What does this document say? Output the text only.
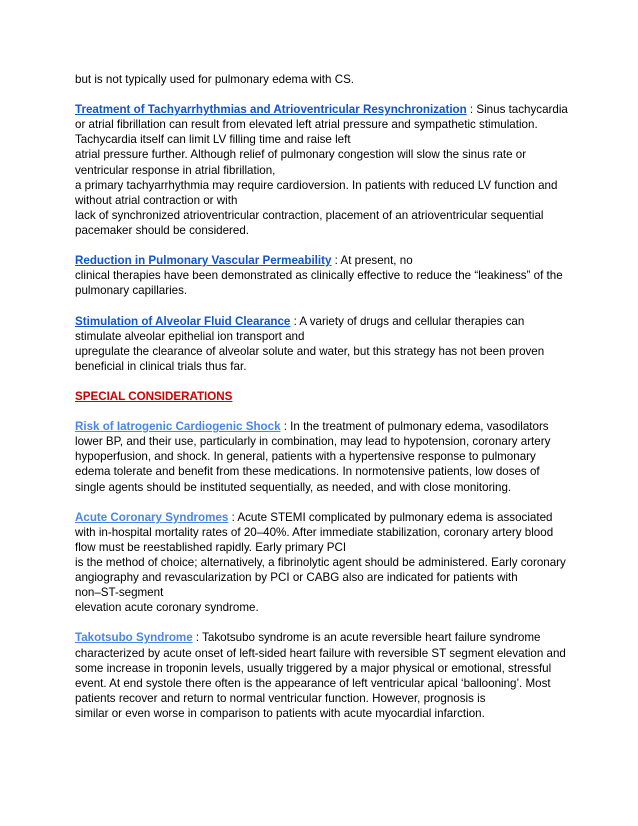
but is not typically used for pulmonary edema with CS.
Treatment of Tachyarrhythmias and Atrioventricular Resynchronization : Sinus tachycardia
or atrial fibrillation can result from elevated left atrial pressure and sympathetic stimulation.
Tachycardia itself can limit LV filling time and raise left
atrial pressure further. Although relief of pulmonary congestion will slow the sinus rate or
ventricular response in atrial fibrillation,
a primary tachyarrhythmia may require cardioversion. In patients with reduced LV function and
without atrial contraction or with
lack of synchronized atrioventricular contraction, placement of an atrioventricular sequential
pacemaker should be considered.
Reduction in Pulmonary Vascular Permeability : At present, no
clinical therapies have been demonstrated as clinically effective to reduce the “leakiness” of the
pulmonary capillaries.
Stimulation of Alveolar Fluid Clearance : A variety of drugs and cellular therapies can
stimulate alveolar epithelial ion transport and
upregulate the clearance of alveolar solute and water, but this strategy has not been proven
beneficial in clinical trials thus far.
SPECIAL CONSIDERATIONS
Risk of Iatrogenic Cardiogenic Shock : In the treatment of pulmonary edema, vasodilators
lower BP, and their use, particularly in combination, may lead to hypotension, coronary artery
hypoperfusion, and shock. In general, patients with a hypertensive response to pulmonary
edema tolerate and benefit from these medications. In normotensive patients, low doses of
single agents should be instituted sequentially, as needed, and with close monitoring.
Acute Coronary Syndromes : Acute STEMI complicated by pulmonary edema is associated
with in-hospital mortality rates of 20–40%. After immediate stabilization, coronary artery blood
flow must be reestablished rapidly. Early primary PCI
is the method of choice; alternatively, a fibrinolytic agent should be administered. Early coronary
angiography and revascularization by PCI or CABG also are indicated for patients with
non–ST-segment
elevation acute coronary syndrome.
Takotsubo Syndrome : Takotsubo syndrome is an acute reversible heart failure syndrome
characterized by acute onset of left-sided heart failure with reversible ST segment elevation and
some increase in troponin levels, usually triggered by a major physical or emotional, stressful
event. At end systole there often is the appearance of left ventricular apical ‘ballooning’. Most
patients recover and return to normal ventricular function. However, prognosis is
similar or even worse in comparison to patients with acute myocardial infarction.
